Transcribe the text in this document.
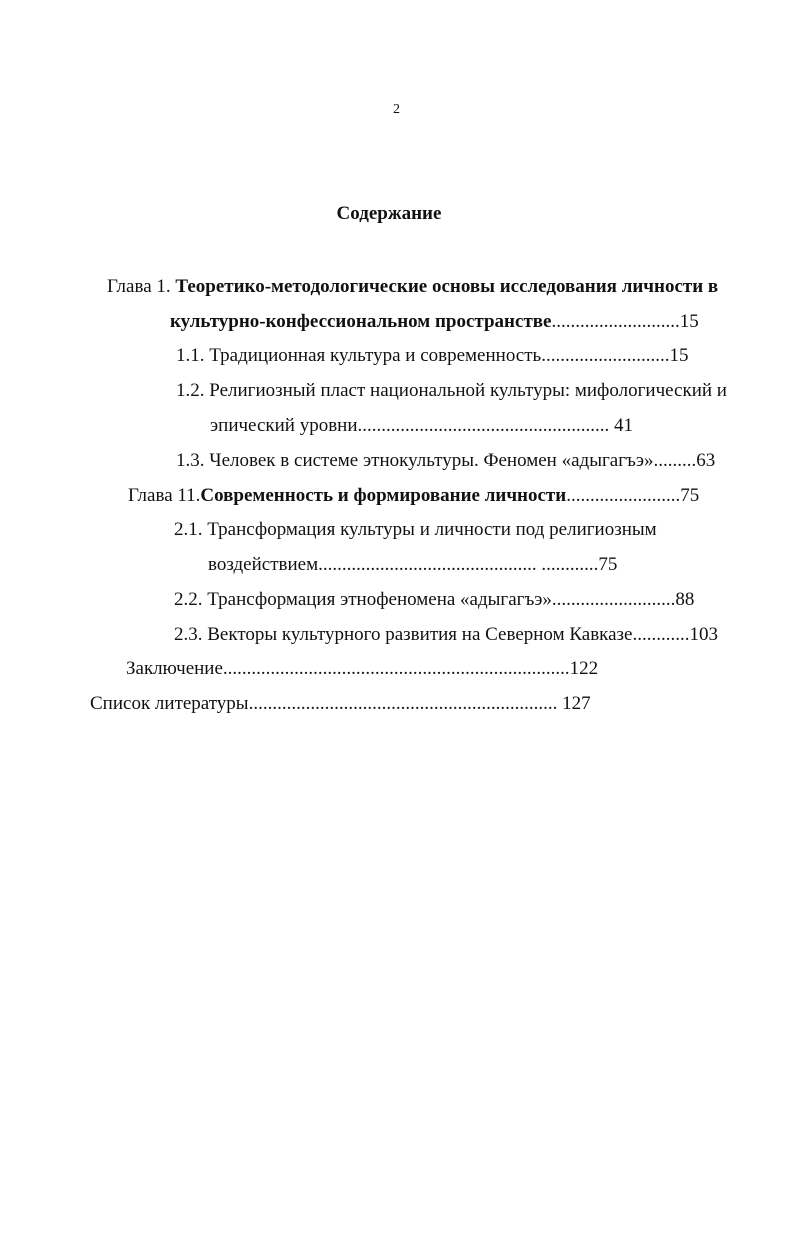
2
Содержание
Глава 1. Теоретико-методологические основы исследования личности в
культурно-конфессиональном пространстве...........................15
1.1. Традиционная культура и современность...........................15
1.2. Религиозный пласт национальной культуры: мифологический и
эпический уровни..................................................... 41
1.3. Человек в системе этнокультуры. Феномен «адыгагъэ».........63
Глава 11.Современность и формирование личности........................75
2.1. Трансформация культуры и личности под религиозным
воздействием.............................................. ............75
2.2. Трансформация этнофеномена «адыгагъэ»..........................88
2.3. Векторы культурного развития на Северном Кавказе............103
Заключение.........................................................................122
Список литературы................................................................. 127
